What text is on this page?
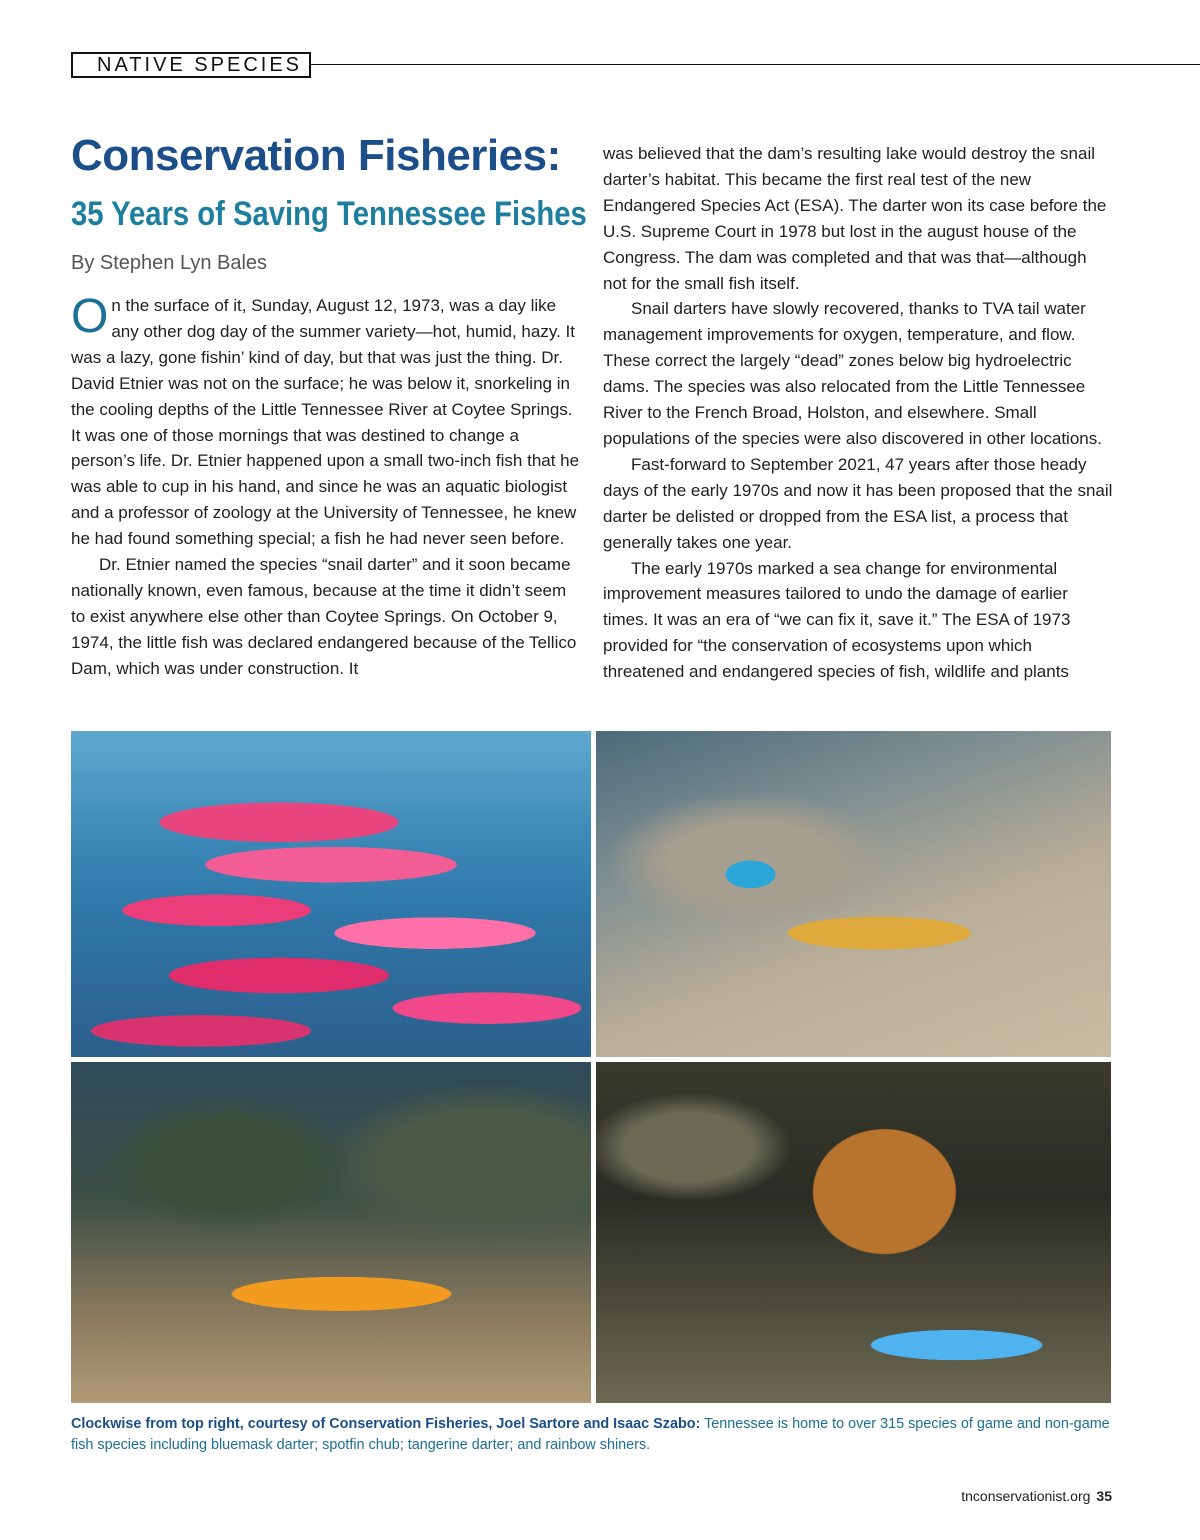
NATIVE SPECIES
Conservation Fisheries:
35 Years of Saving Tennessee Fishes

By Stephen Lyn Bales

On the surface of it, Sunday, August 12, 1973, was a day like any other dog day of the summer variety—hot, humid, hazy. It was a lazy, gone fishin’ kind of day, but that was just the thing. Dr. David Etnier was not on the surface; he was below it, snorkeling in the cooling depths of the Little Tennessee River at Coytee Springs. It was one of those mornings that was destined to change a person’s life. Dr. Etnier happened upon a small two-inch fish that he was able to cup in his hand, and since he was an aquatic biologist and a professor of zoology at the University of Tennessee, he knew he had found something special; a fish he had never seen before.

Dr. Etnier named the species “snail darter” and it soon became nationally known, even famous, because at the time it didn’t seem to exist anywhere else other than Coytee Springs. On October 9, 1974, the little fish was declared endangered because of the Tellico Dam, which was under construction. It

was believed that the dam’s resulting lake would destroy the snail darter’s habitat. This became the first real test of the new Endangered Species Act (ESA). The darter won its case before the U.S. Supreme Court in 1978 but lost in the august house of the Congress. The dam was completed and that was that—although not for the small fish itself.

Snail darters have slowly recovered, thanks to TVA tail water management improvements for oxygen, temperature, and flow. These correct the largely “dead” zones below big hydroelectric dams. The species was also relocated from the Little Tennessee River to the French Broad, Holston, and elsewhere. Small populations of the species were also discovered in other locations.

Fast-forward to September 2021, 47 years after those heady days of the early 1970s and now it has been proposed that the snail darter be delisted or dropped from the ESA list, a process that generally takes one year.

The early 1970s marked a sea change for environmental improvement measures tailored to undo the damage of earlier times. It was an era of “we can fix it, save it.” The ESA of 1973 provided for “the conservation of ecosystems upon which threatened and endangered species of fish, wildlife and plants

Clockwise from top right, courtesy of Conservation Fisheries, Joel Sartore and Isaac Szabo: Tennessee is home to over 315 species of game and non-game fish species including bluemask darter; spotfin chub; tangerine darter; and rainbow shiners.

tnconservationist.org 35
